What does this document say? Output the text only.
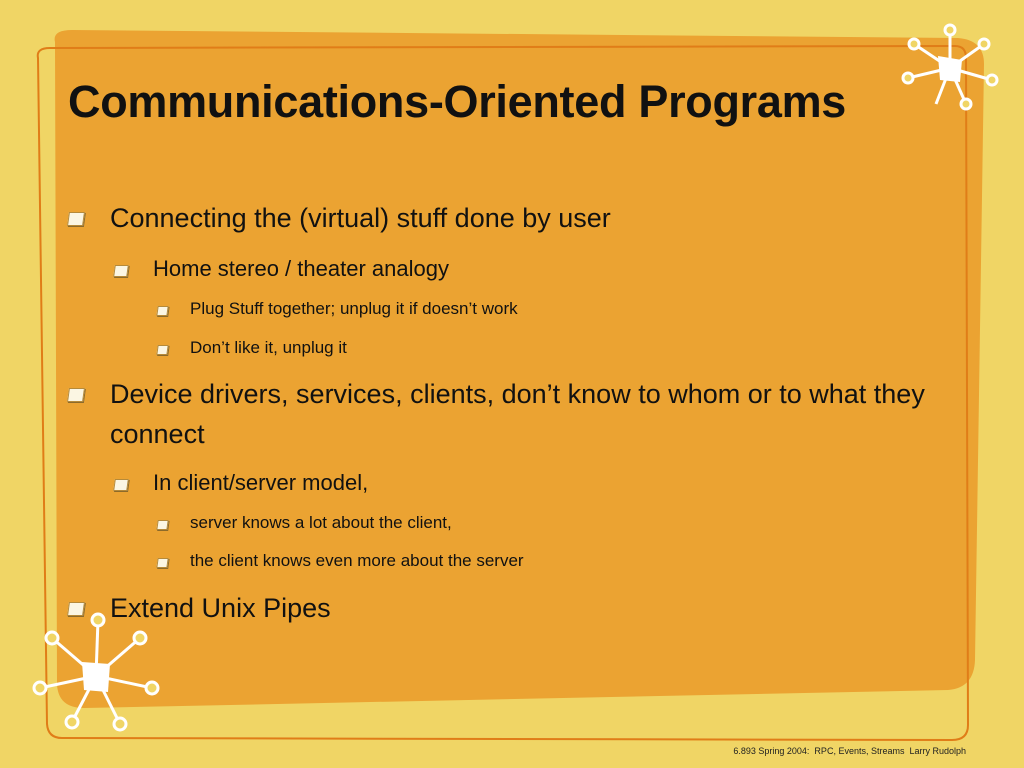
Communications-Oriented Programs

Connecting the (virtual) stuff done by user

Home stereo / theater analogy

Plug Stuff together; unplug it if doesn’t work

Don’t like it, unplug it

Device drivers, services, clients, don’t know to whom or to what they connect

In client/server model,

server knows a lot about the client,

the client knows even more about the server

Extend Unix Pipes

6.893 Spring 2004:  RPC, Events, Streams  Larry Rudolph
